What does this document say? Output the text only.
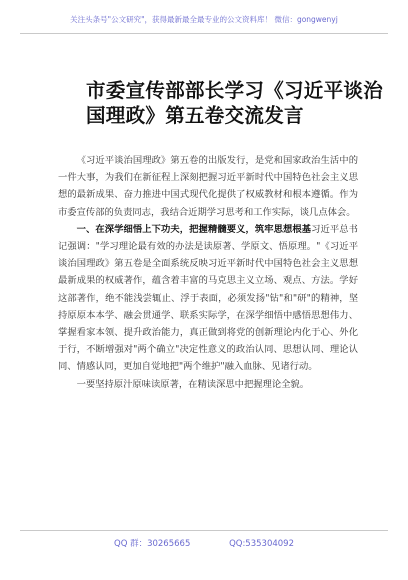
关注头条号"公文研究"，获得最新最全最专业的公文资料库！ 微信：gongwenyj
市委宣传部部长学习《习近平谈治国理政》第五卷交流发言

《习近平谈治国理政》第五卷的出版发行，是党和国家政治生活中的一件大事，为我们在新征程上深刻把握习近平新时代中国特色社会主义思想的最新成果、奋力推进中国式现代化提供了权威教材和根本遵循。作为市委宣传部的负责同志，我结合近期学习思考和工作实际，谈几点体会。

一、在深学细悟上下功夫，把握精髓要义，筑牢思想根基习近平总书记强调："学习理论最有效的办法是读原著、学原文、悟原理。"《习近平谈治国理政》第五卷是全面系统反映习近平新时代中国特色社会主义思想最新成果的权威著作，蕴含着丰富的马克思主义立场、观点、方法。学好这部著作，绝不能浅尝辄止、浮于表面，必须发扬"钻"和"研"的精神，坚持原原本本学、融会贯通学、联系实际学，在深学细悟中感悟思想伟力、掌握看家本领、提升政治能力，真正做到将党的创新理论内化于心、外化于行，不断增强对"两个确立"决定性意义的政治认同、思想认同、理论认同、情感认同，更加自觉地把"两个维护"融入血脉、见诸行动。

一要坚持原汁原味读原著，在精读深思中把握理论全貌。

QQ 群：30265665	QQ:535304092
